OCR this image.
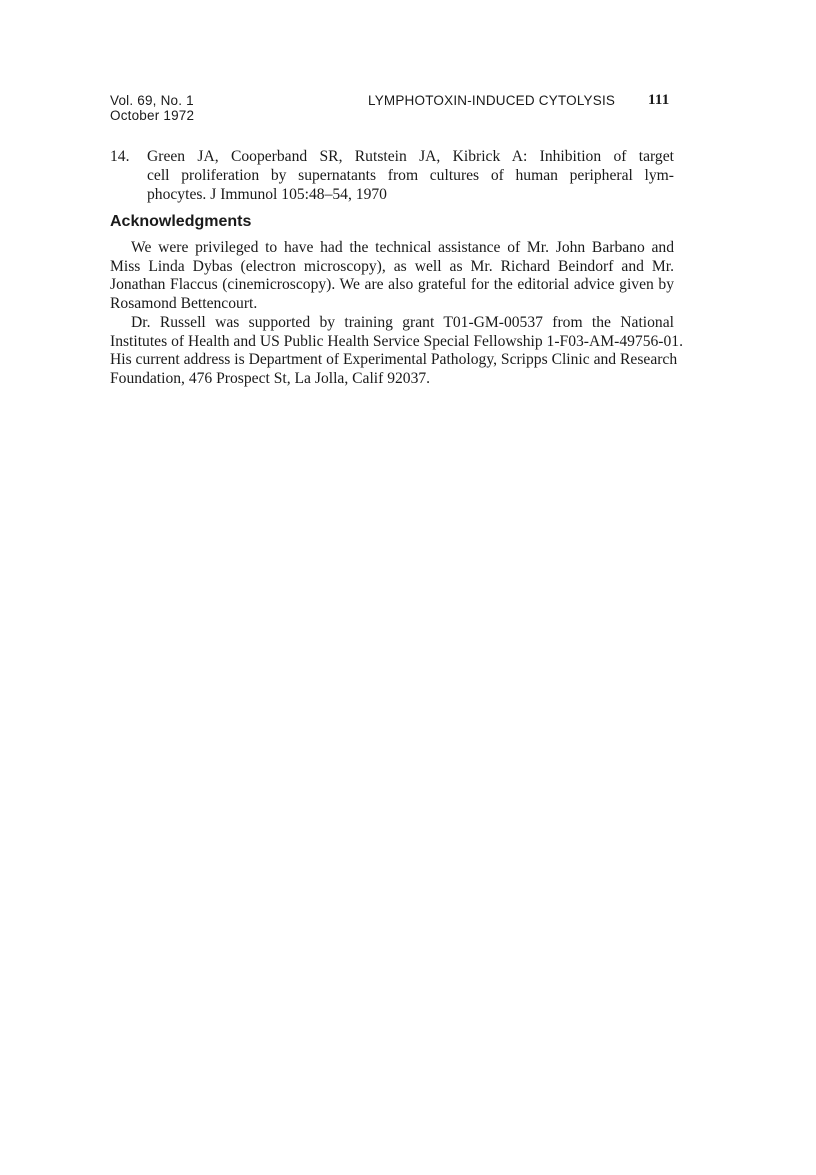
Vol. 69, No. 1
October 1972
LYMPHOTOXIN-INDUCED CYTOLYSIS 111
14. Green JA, Cooperband SR, Rutstein JA, Kibrick A: Inhibition of target
cell proliferation by supernatants from cultures of human peripheral lym-
phocytes. J Immunol 105:48–54, 1970
Acknowledgments
We were privileged to have had the technical assistance of Mr. John Barbano and
Miss Linda Dybas (electron microscopy), as well as Mr. Richard Beindorf and Mr.
Jonathan Flaccus (cinemicroscopy). We are also grateful for the editorial advice given by
Rosamond Bettencourt.
Dr. Russell was supported by training grant T01-GM-00537 from the National
Institutes of Health and US Public Health Service Special Fellowship 1-F03-AM-49756-01.
His current address is Department of Experimental Pathology, Scripps Clinic and Research
Foundation, 476 Prospect St, La Jolla, Calif 92037.
